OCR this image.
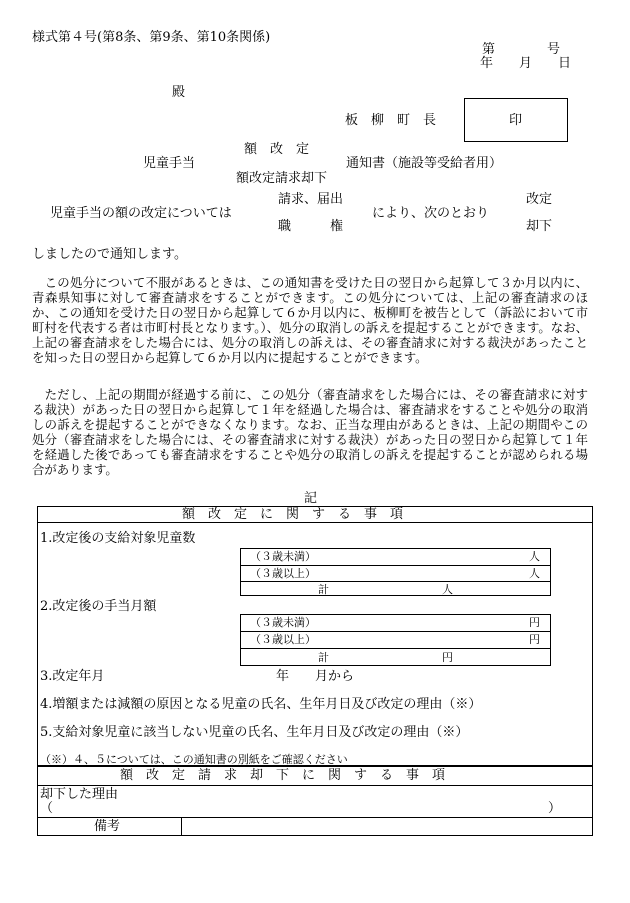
様式第４号(第8条、第9条、第10条関係)
第　　　　号
年　　月　　日
殿
板　柳　町　長	印
額　改　定
児童手当	通知書（施設等受給者用）
額改定請求却下
児童手当の額の改定については
請求、届出
職　　　権
により、次のとおり
改定
却下
しましたので通知します。
　この処分について不服があるときは、この通知書を受けた日の翌日から起算して３か月以内に、青森県知事に対して審査請求をすることができます。この処分については、上記の審査請求のほか、この通知を受けた日の翌日から起算して６か月以内に、板柳町を被告として（訴訟において市町村を代表する者は市町村長となります。）、処分の取消しの訴えを提起することができます。なお、上記の審査請求をした場合には、処分の取消しの訴えは、その審査請求に対する裁決があったことを知った日の翌日から起算して６か月以内に提起することができます。
　ただし、上記の期間が経過する前に、この処分（審査請求をした場合には、その審査請求に対する裁決）があった日の翌日から起算して１年を経過した場合は、審査請求をすることや処分の取消しの訴えを提起することができなくなります。なお、正当な理由があるときは、上記の期間やこの処分（審査請求をした場合には、その審査請求に対する裁決）があった日の翌日から起算して１年を経過した後であっても審査請求をすることや処分の取消しの訴えを提起することが認められる場合があります。
記
額　改　定　に　関　す　る　事　項
1.改定後の支給対象児童数
（３歳未満）	人
（３歳以上）	人
計	人
2.改定後の手当月額
（３歳未満）	円
（３歳以上）	円
計	円
3.改定年月	年　　月から
4.増額または減額の原因となる児童の氏名、生年月日及び改定の理由（※）
5.支給対象児童に該当しない児童の氏名、生年月日及び改定の理由（※）
（※）４、５については、この通知書の別紙をご確認ください
額　改　定　請　求　却　下　に　関　す　る　事　項
却下した理由
（	）
備考
